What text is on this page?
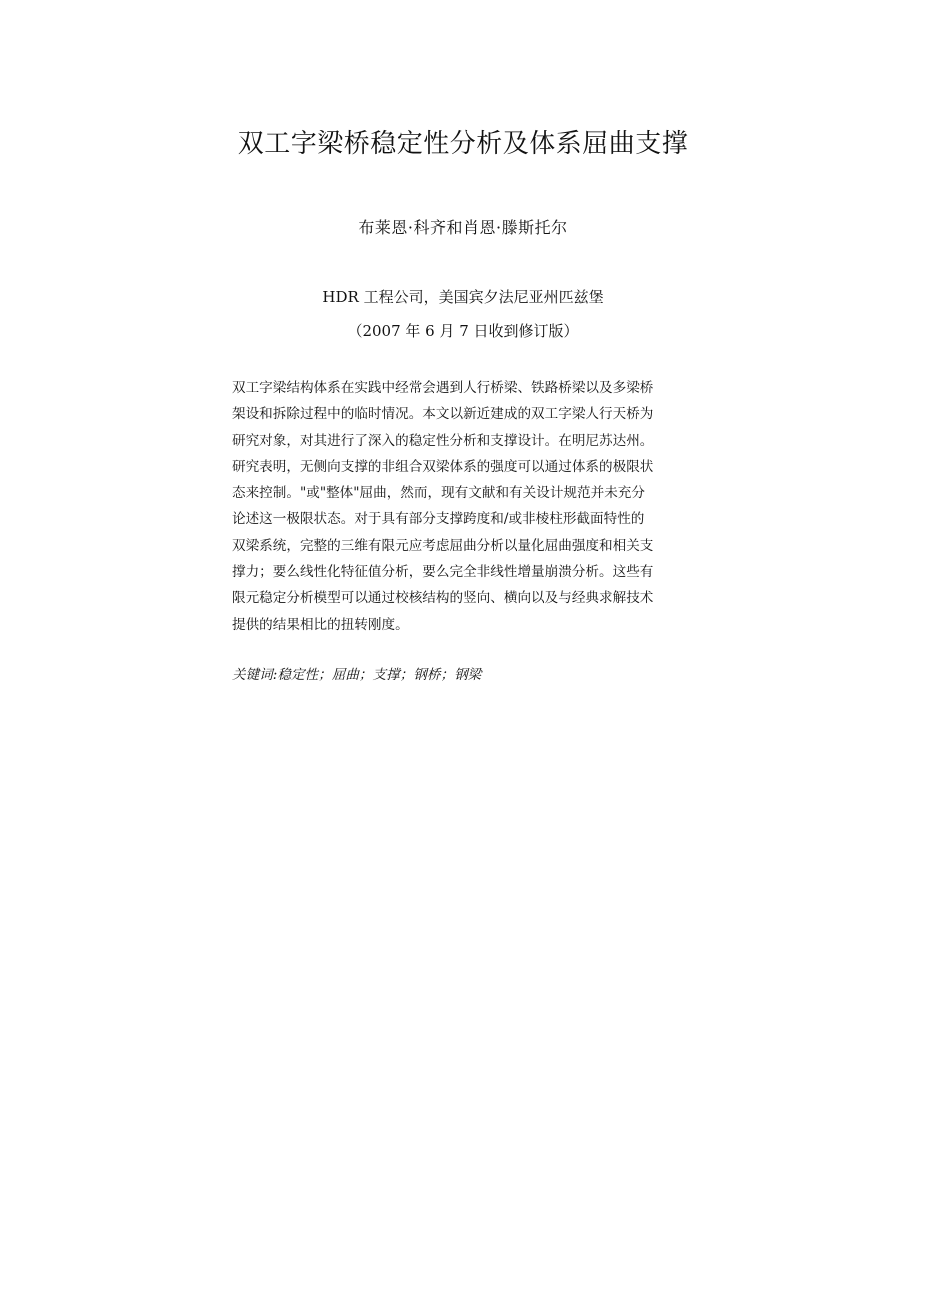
双工字梁桥稳定性分析及体系屈曲支撑
布莱恩·科齐和肖恩·滕斯托尔
HDR 工程公司，美国宾夕法尼亚州匹兹堡
（2007 年 6 月 7 日收到修订版）
双工字梁结构体系在实践中经常会遇到人行桥梁、铁路桥梁以及多梁桥
架设和拆除过程中的临时情况。本文以新近建成的双工字梁人行天桥为
研究对象，对其进行了深入的稳定性分析和支撑设计。在明尼苏达州。
研究表明，无侧向支撑的非组合双梁体系的强度可以通过体系的极限状
态来控制。"或"整体"屈曲，然而，现有文献和有关设计规范并未充分
论述这一极限状态。对于具有部分支撑跨度和/或非棱柱形截面特性的
双梁系统，完整的三维有限元应考虑屈曲分析以量化屈曲强度和相关支
撑力；要么线性化特征值分析，要么完全非线性增量崩溃分析。这些有
限元稳定分析模型可以通过校核结构的竖向、横向以及与经典求解技术
提供的结果相比的扭转刚度。
关键词:稳定性；屈曲；支撑；钢桥；钢梁
